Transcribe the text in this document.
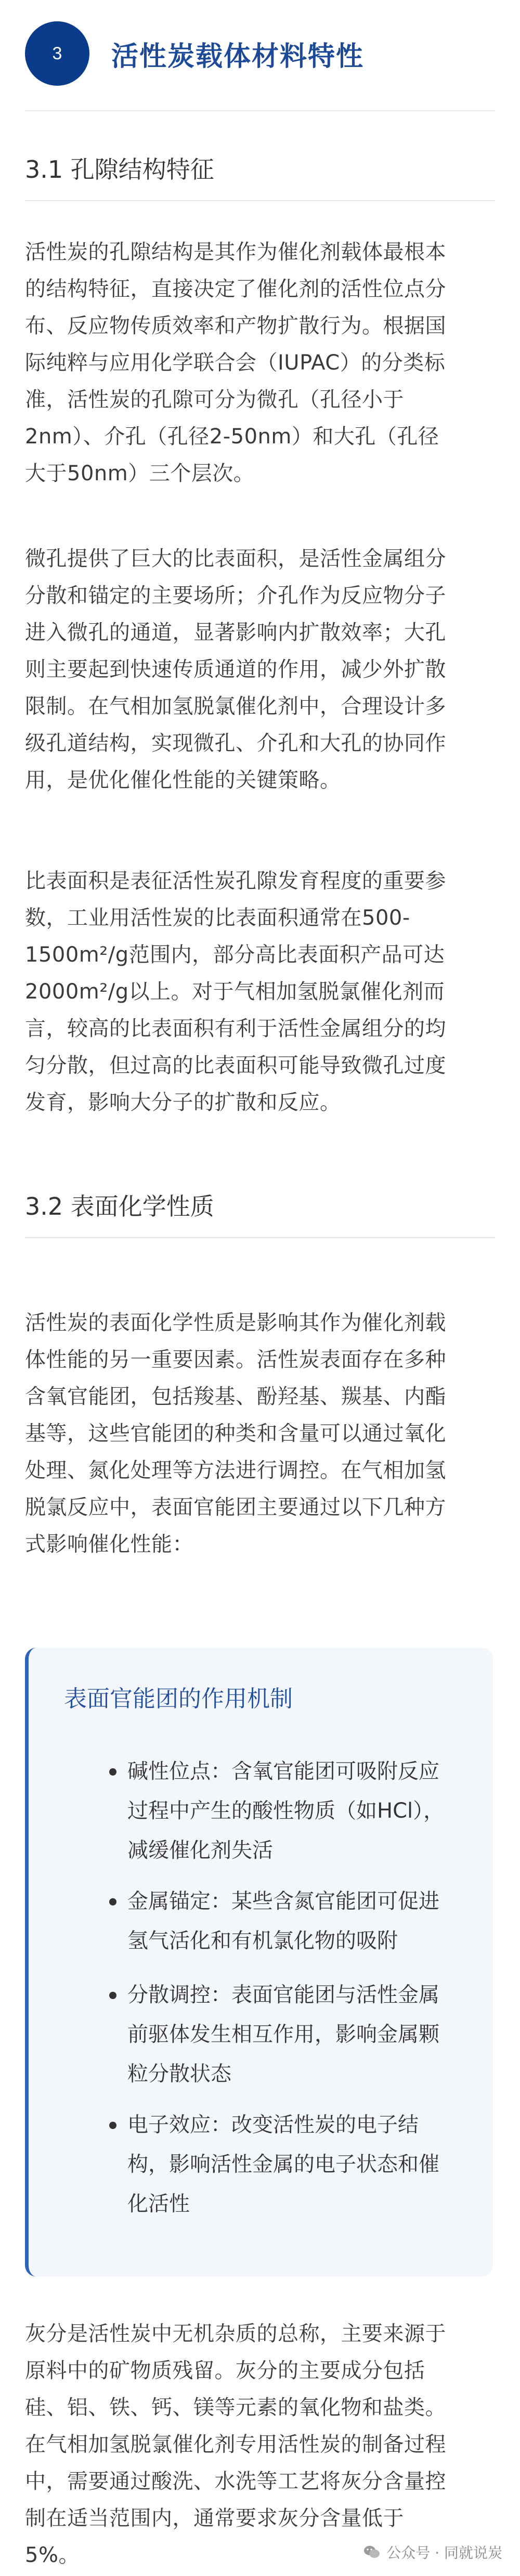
3	活性炭载体材料特性
3.1 孔隙结构特征
活性炭的孔隙结构是其作为催化剂载体最根本
的结构特征，直接决定了催化剂的活性位点分
布、反应物传质效率和产物扩散行为。根据国
际纯粹与应用化学联合会（IUPAC）的分类标
准，活性炭的孔隙可分为微孔（孔径小于
2nm）、介孔（孔径2-50nm）和大孔（孔径
大于50nm）三个层次。
微孔提供了巨大的比表面积，是活性金属组分
分散和锚定的主要场所；介孔作为反应物分子
进入微孔的通道，显著影响内扩散效率；大孔
则主要起到快速传质通道的作用，减少外扩散
限制。在气相加氢脱氯催化剂中，合理设计多
级孔道结构，实现微孔、介孔和大孔的协同作
用，是优化催化性能的关键策略。
比表面积是表征活性炭孔隙发育程度的重要参
数，工业用活性炭的比表面积通常在500-
1500m²/g范围内，部分高比表面积产品可达
2000m²/g以上。对于气相加氢脱氯催化剂而
言，较高的比表面积有利于活性金属组分的均
匀分散，但过高的比表面积可能导致微孔过度
发育，影响大分子的扩散和反应。
3.2 表面化学性质
活性炭的表面化学性质是影响其作为催化剂载
体性能的另一重要因素。活性炭表面存在多种
含氧官能团，包括羧基、酚羟基、羰基、内酯
基等，这些官能团的种类和含量可以通过氧化
处理、氮化处理等方法进行调控。在气相加氢
脱氯反应中，表面官能团主要通过以下几种方
式影响催化性能：
表面官能团的作用机制
碱性位点：含氧官能团可吸附反应
过程中产生的酸性物质（如HCl），
减缓催化剂失活
金属锚定：某些含氮官能团可促进
氢气活化和有机氯化物的吸附
分散调控：表面官能团与活性金属
前驱体发生相互作用，影响金属颗
粒分散状态
电子效应：改变活性炭的电子结
构，影响活性金属的电子状态和催
化活性
灰分是活性炭中无机杂质的总称，主要来源于
原料中的矿物质残留。灰分的主要成分包括
硅、铝、铁、钙、镁等元素的氧化物和盐类。
在气相加氢脱氯催化剂专用活性炭的制备过程
中，需要通过酸洗、水洗等工艺将灰分含量控
制在适当范围内，通常要求灰分含量低于
5%。	公众号 · 同就说炭
